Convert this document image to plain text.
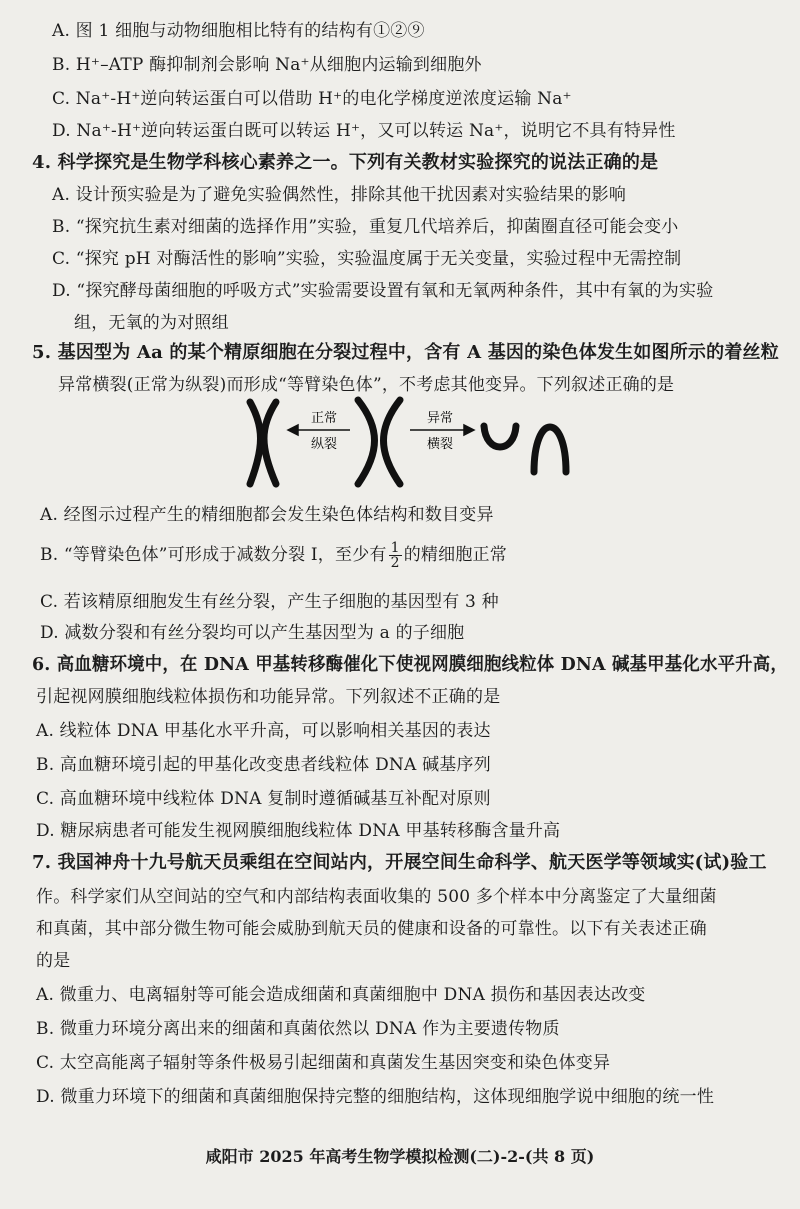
A. 图 1 细胞与动物细胞相比特有的结构有①②⑨
B. H⁺–ATP 酶抑制剂会影响 Na⁺从细胞内运输到细胞外
C. Na⁺-H⁺逆向转运蛋白可以借助 H⁺的电化学梯度逆浓度运输 Na⁺
D. Na⁺-H⁺逆向转运蛋白既可以转运 H⁺，又可以转运 Na⁺，说明它不具有特异性
4. 科学探究是生物学科核心素养之一。下列有关教材实验探究的说法正确的是
A. 设计预实验是为了避免实验偶然性，排除其他干扰因素对实验结果的影响
B. “探究抗生素对细菌的选择作用”实验，重复几代培养后，抑菌圈直径可能会变小
C. “探究 pH 对酶活性的影响”实验，实验温度属于无关变量，实验过程中无需控制
D. “探究酵母菌细胞的呼吸方式”实验需要设置有氧和无氧两种条件，其中有氧的为实验
组，无氧的为对照组
5. 基因型为 Aa 的某个精原细胞在分裂过程中，含有 A 基因的染色体发生如图所示的着丝粒
异常横裂(正常为纵裂)而形成“等臂染色体”，不考虑其他变异。下列叙述正确的是
正常
纵裂
异常
横裂
A. 经图示过程产生的精细胞都会发生染色体结构和数目变异
B. “等臂染色体”可形成于减数分裂 I，至少有 $\frac{1}{2}$ 的精细胞正常
C. 若该精原细胞发生有丝分裂，产生子细胞的基因型有 3 种
D. 减数分裂和有丝分裂均可以产生基因型为 a 的子细胞
6. 高血糖环境中，在 DNA 甲基转移酶催化下使视网膜细胞线粒体 DNA 碱基甲基化水平升高，
引起视网膜细胞线粒体损伤和功能异常。下列叙述不正确的是
A. 线粒体 DNA 甲基化水平升高，可以影响相关基因的表达
B. 高血糖环境引起的甲基化改变患者线粒体 DNA 碱基序列
C. 高血糖环境中线粒体 DNA 复制时遵循碱基互补配对原则
D. 糖尿病患者可能发生视网膜细胞线粒体 DNA 甲基转移酶含量升高
7. 我国神舟十九号航天员乘组在空间站内，开展空间生命科学、航天医学等领域实(试)验工
作。科学家们从空间站的空气和内部结构表面收集的 500 多个样本中分离鉴定了大量细菌
和真菌，其中部分微生物可能会威胁到航天员的健康和设备的可靠性。以下有关表述正确
的是
A. 微重力、电离辐射等可能会造成细菌和真菌细胞中 DNA 损伤和基因表达改变
B. 微重力环境分离出来的细菌和真菌依然以 DNA 作为主要遗传物质
C. 太空高能离子辐射等条件极易引起细菌和真菌发生基因突变和染色体变异
D. 微重力环境下的细菌和真菌细胞保持完整的细胞结构，这体现细胞学说中细胞的统一性
咸阳市 2025 年高考生物学模拟检测(二)-2-(共 8 页)
